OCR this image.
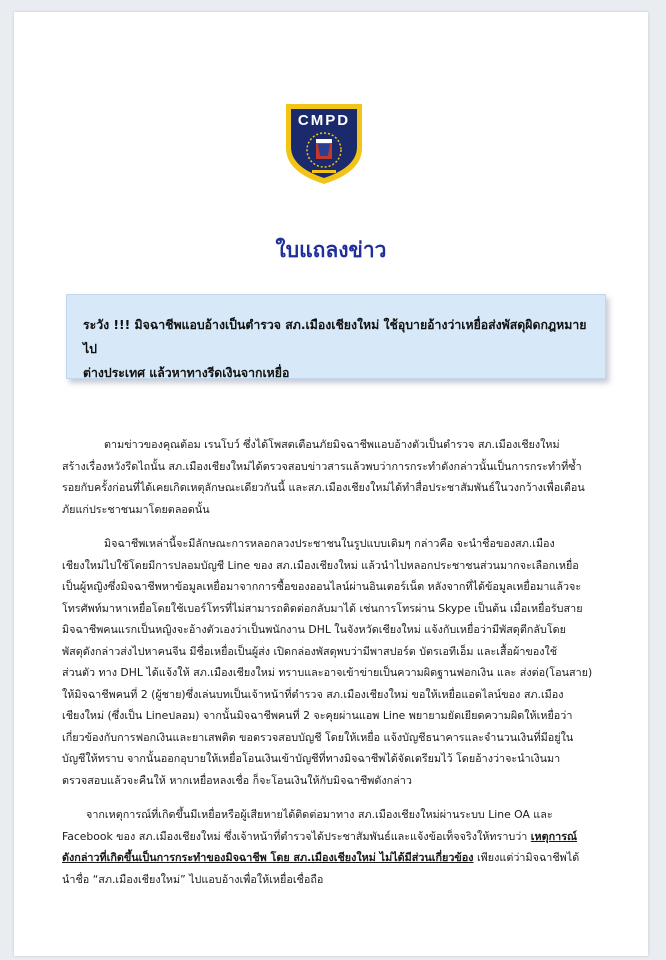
CMPD
ใบแถลงข่าว

ระวัง !!! มิจฉาชีพแอบอ้างเป็นตำรวจ สภ.เมืองเชียงใหม่ ใช้อุบายอ้างว่าเหยื่อส่งพัสดุผิดกฎหมายไป

ต่างประเทศ แล้วหาทางรีดเงินจากเหยื่อ

ตามข่าวของคุณต้อม เรนโบว์ ซึ่งได้โพสตเตือนภัยมิจฉาชีพแอบอ้างตัวเป็นตำรวจ สภ.เมืองเชียงใหม่
สร้างเรื่องหวังรีดไถนั้น สภ.เมืองเชียงใหม่ได้ตรวจสอบข่าวสารแล้วพบว่าการกระทำดังกล่าวนั้นเป็นการกระทำที่ซ้ำ
รอยกับครั้งก่อนที่ได้เคยเกิดเหตุลักษณะเดียวกันนี้ และสภ.เมืองเชียงใหม่ได้ทำสื่อประชาสัมพันธ์ในวงกว้างเพื่อเตือน
ภัยแก่ประชาชนมาโดยตลอดนั้น
มิจฉาชีพเหล่านี้จะมีลักษณะการหลอกลวงประชาชนในรูปแบบเดิมๆ กล่าวคือ จะนำชื่อของสภ.เมือง
เชียงใหม่ไปใช้โดยมีการปลอมบัญชี Line ของ สภ.เมืองเชียงใหม่ แล้วนำไปหลอกประชาชนส่วนมากจะเลือกเหยื่อ
เป็นผู้หญิงซึ่งมิจฉาชีพหาข้อมูลเหยื่อมาจากการซื้อของออนไลน์ผ่านอินเตอร์เน็ต หลังจากที่ได้ข้อมูลเหยื่อมาแล้วจะ
โทรศัพท์มาหาเหยื่อโดยใช้เบอร์โทรที่ไม่สามารถติดต่อกลับมาได้ เช่นการโทรผ่าน Skype เป็นต้น เมื่อเหยื่อรับสาย
มิจฉาชีพคนแรกเป็นหญิงจะอ้างตัวเองว่าเป็นพนักงาน DHL ในจังหวัดเชียงใหม่ แจ้งกับเหยื่อว่ามีพัสดุตีกลับโดย
พัสดุดังกล่าวส่งไปหาคนจีน มีชื่อเหยื่อเป็นผู้ส่ง เปิดกล่องพัสดุพบว่ามีพาสปอร์ต บัตรเอทีเอ็ม และเสื้อผ้าของใช้
ส่วนตัว ทาง DHL ได้แจ้งให้ สภ.เมืองเชียงใหม่ ทราบและอาจเข้าข่ายเป็นความผิดฐานฟอกเงิน และ ส่งต่อ(โอนสาย)
ให้มิจฉาชีพคนที่ 2 (ผู้ชาย)ซึ่งเล่นบทเป็นเจ้าหน้าที่ตำรวจ สภ.เมืองเชียงใหม่ ขอให้เหยื่อแอดไลน์ของ สภ.เมือง
เชียงใหม่ (ซึ่งเป็น Lineปลอม) จากนั้นมิจฉาชีพคนที่ 2 จะคุยผ่านแอพ Line พยายามยัดเยียดความผิดให้เหยื่อว่า
เกี่ยวข้องกับการฟอกเงินและยาเสพติด ขอตรวจสอบบัญชี โดยให้เหยื่อ แจ้งบัญชีธนาคารและจำนวนเงินที่มีอยู่ใน
บัญชีให้ทราบ จากนั้นออกอุบายให้เหยื่อโอนเงินเข้าบัญชีที่ทางมิจฉาชีพได้จัดเตรียมไว้ โดยอ้างว่าจะนำเงินมา
ตรวจสอบแล้วจะคืนให้ หากเหยื่อหลงเชื่อ ก็จะโอนเงินให้กับมิจฉาชีพดังกล่าว
จากเหตุการณ์ที่เกิดขึ้นมีเหยื่อหรือผู้เสียหายได้ติดต่อมาทาง สภ.เมืองเชียงใหม่ผ่านระบบ Line OA และ
Facebook ของ สภ.เมืองเชียงใหม่ ซึ่งเจ้าหน้าที่ตำรวจได้ประชาสัมพันธ์และแจ้งข้อเท็จจริงให้ทราบว่า เหตุการณ์
ดังกล่าวที่เกิดขึ้นเป็นการกระทำของมิจฉาชีพ โดย สภ.เมืองเชียงใหม่ ไม่ได้มีส่วนเกี่ยวข้อง เพียงแต่ว่ามิจฉาชีพได้
นำชื่อ “สภ.เมืองเชียงใหม่” ไปแอบอ้างเพื่อให้เหยื่อเชื่อถือ
